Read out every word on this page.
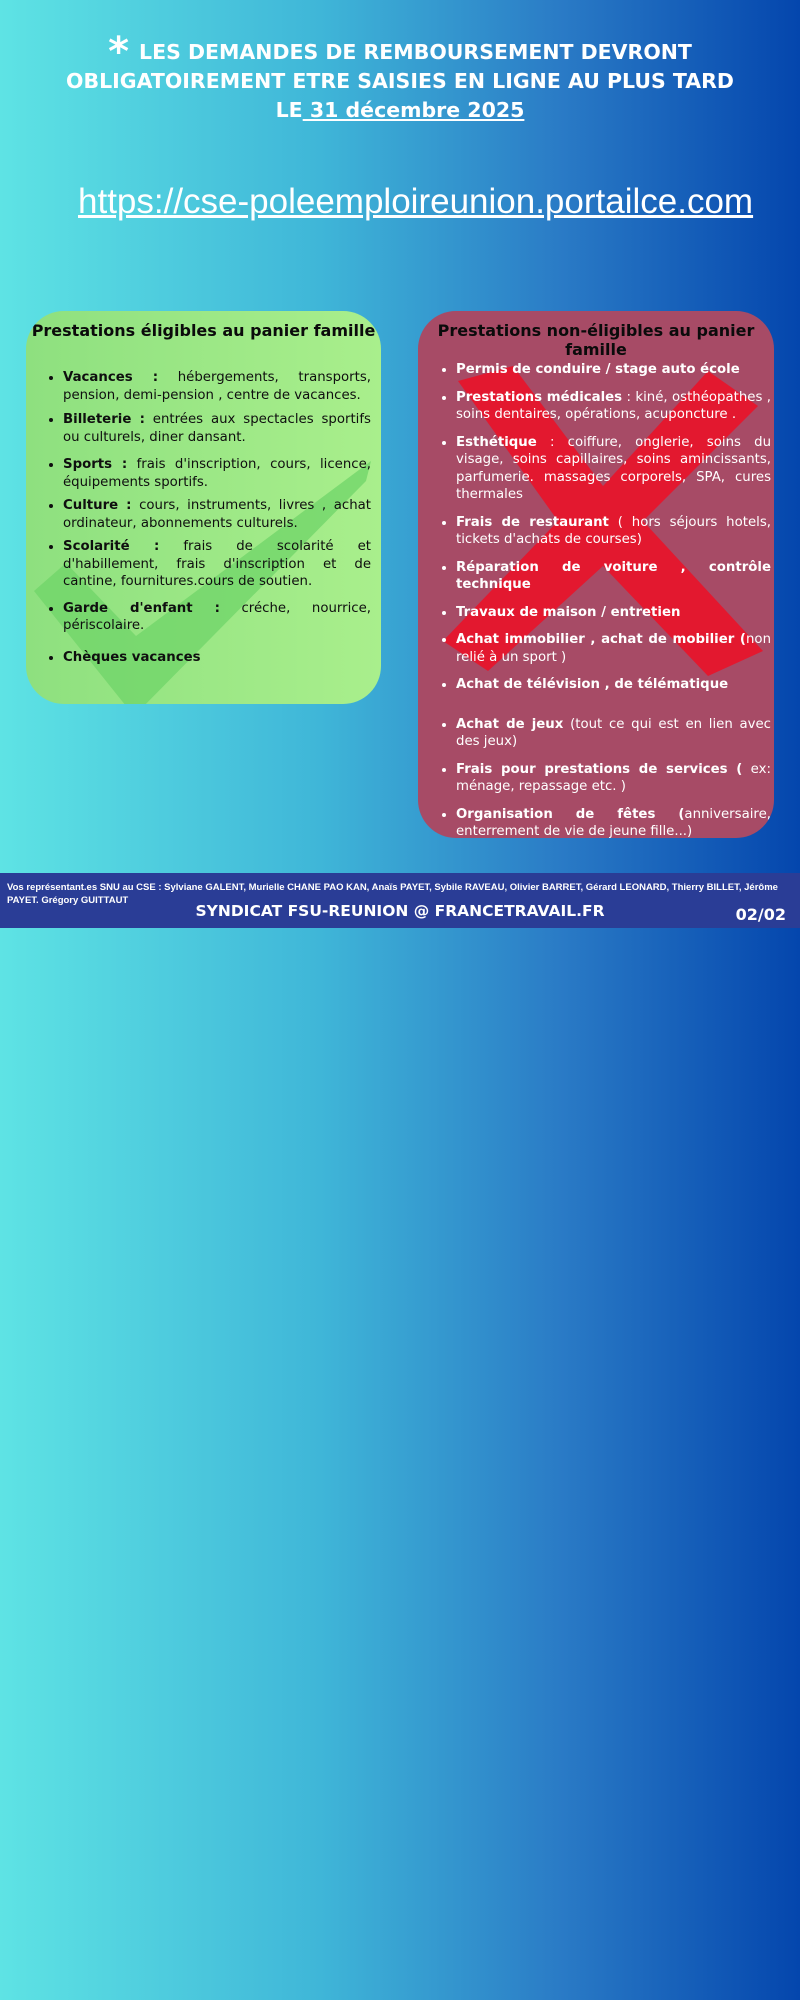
* LES DEMANDES DE REMBOURSEMENT DEVRONT
OBLIGATOIREMENT ETRE SAISIES EN LIGNE AU PLUS TARD
LE 31 décembre 2025
https://cse-poleemploireunion.portailce.com
Prestations éligibles au panier famille
• Vacances : hébergements, transports, pension, demi-pension , centre de vacances.
• Billeterie : entrées aux spectacles sportifs ou culturels, diner dansant.
• Sports : frais d'inscription, cours, licence, équipements sportifs.
• Culture : cours, instruments, livres , achat ordinateur, abonnements culturels.
• Scolarité : frais de scolarité et d'habillement, frais d'inscription et de cantine, fournitures.cours de soutien.
• Garde d'enfant : créche, nourrice, périscolaire.
• Chèques vacances
Prestations non-éligibles au panier famille
• Permis de conduire / stage auto école
• Prestations médicales : kiné, osthéopathes , soins dentaires, opérations, acuponcture .
• Esthétique : coiffure, onglerie, soins du visage, soins capillaires, soins amincissants, parfumerie. massages corporels, SPA, cures thermales
• Frais de restaurant ( hors séjours hotels, tickets d'achats de courses)
• Réparation de voiture , contrôle technique
• Travaux de maison / entretien
• Achat immobilier , achat de mobilier (non relié à un sport )
• Achat de télévision , de télématique
• Achat de jeux (tout ce qui est en lien avec des jeux)
• Frais pour prestations de services ( ex: ménage, repassage etc. )
• Organisation de fêtes (anniversaire, enterrement de vie de jeune fille...)
Vos représentant.es SNU au CSE : Sylviane GALENT, Murielle CHANE PAO KAN, Anaïs PAYET, Sybile RAVEAU, Olivier BARRET, Gérard LEONARD, Thierry BILLET, Jérôme PAYET. Grégory GUITTAUT
SYNDICAT FSU-REUNION @ FRANCETRAVAIL.FR	02/02
